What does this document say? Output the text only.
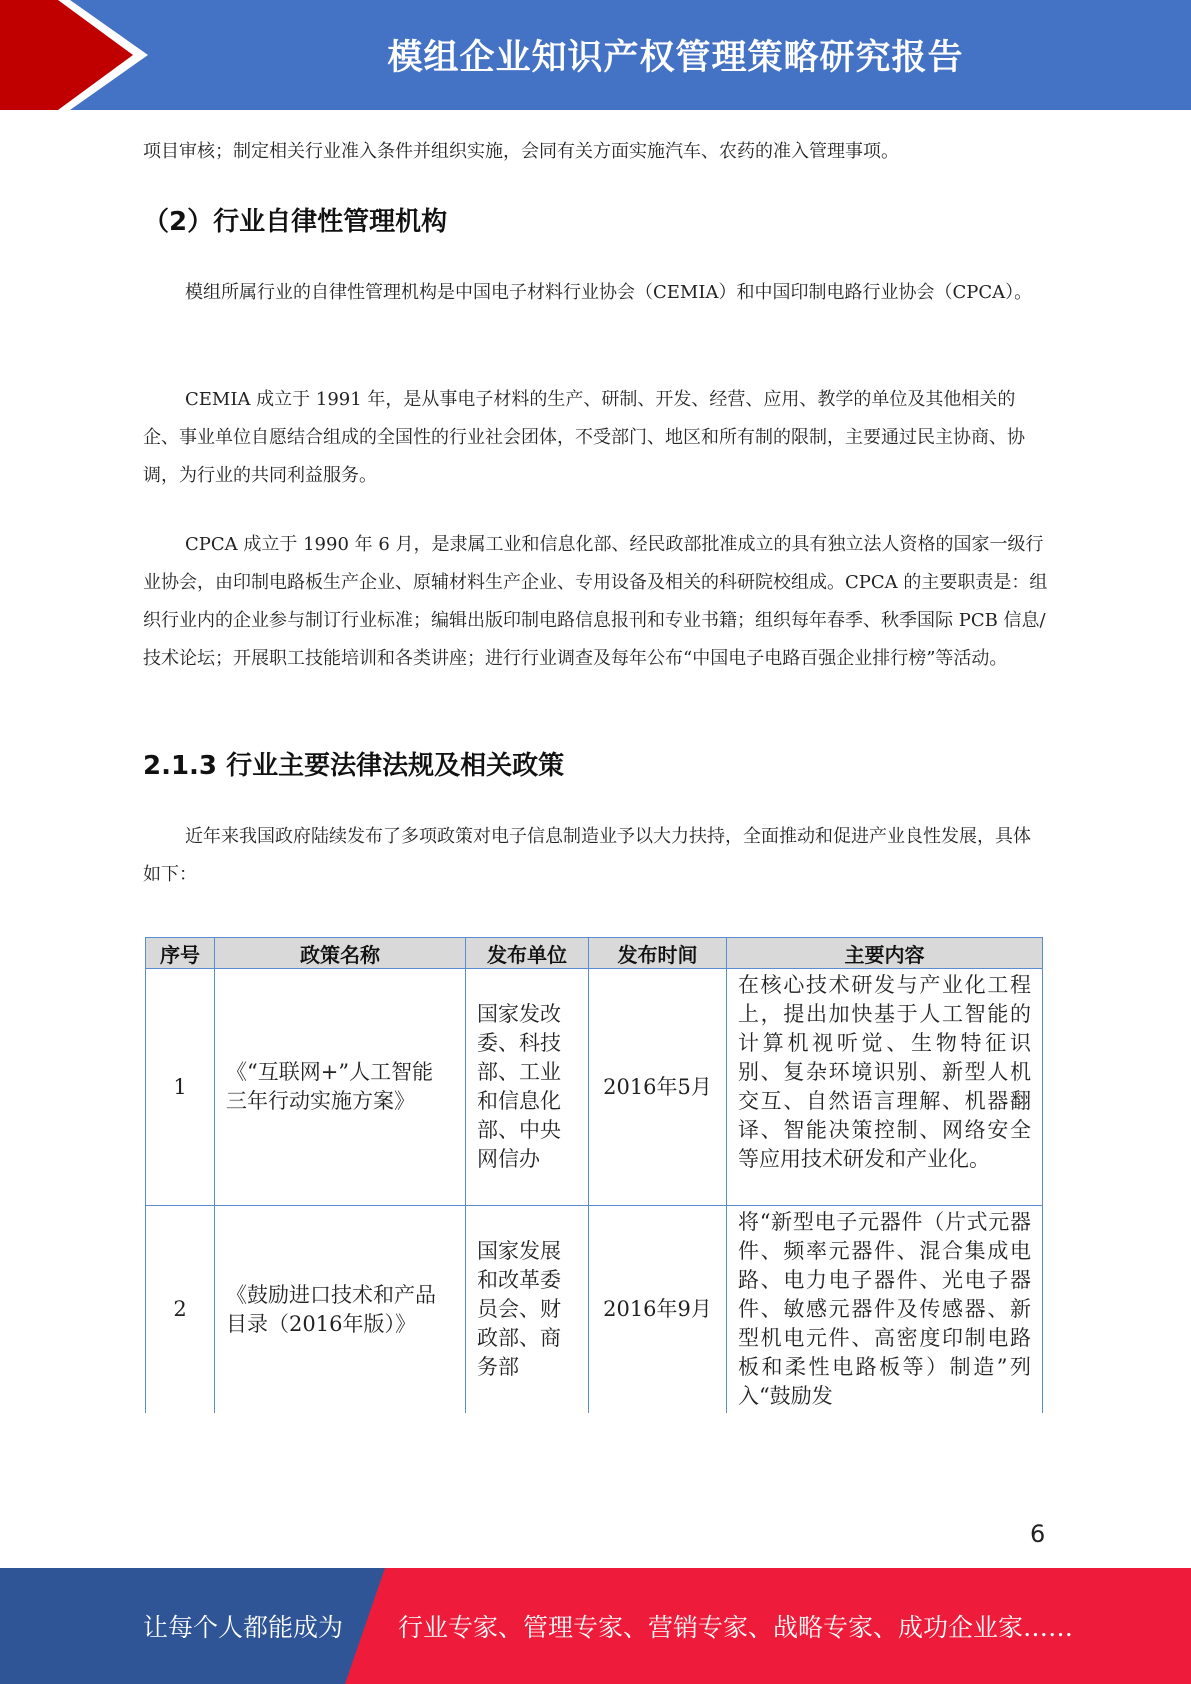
模组企业知识产权管理策略研究报告

项目审核；制定相关行业准入条件并组织实施，会同有关方面实施汽车、农药的准入管理事项。

（2）行业自律性管理机构

模组所属行业的自律性管理机构是中国电子材料行业协会（CEMIA）和中国印制电路行业协会（CPCA）。

CEMIA 成立于 1991 年，是从事电子材料的生产、研制、开发、经营、应用、教学的单位及其他相关的企、事业单位自愿结合组成的全国性的行业社会团体，不受部门、地区和所有制的限制，主要通过民主协商、协调，为行业的共同利益服务。

CPCA 成立于 1990 年 6 月，是隶属工业和信息化部、经民政部批准成立的具有独立法人资格的国家一级行业协会，由印制电路板生产企业、原辅材料生产企业、专用设备及相关的科研院校组成。CPCA 的主要职责是：组织行业内的企业参与制订行业标准；编辑出版印制电路信息报刊和专业书籍；组织每年春季、秋季国际 PCB 信息/技术论坛；开展职工技能培训和各类讲座；进行行业调查及每年公布“中国电子电路百强企业排行榜”等活动。

2.1.3 行业主要法律法规及相关政策

近年来我国政府陆续发布了多项政策对电子信息制造业予以大力扶持，全面推动和促进产业良性发展，具体如下：

序号	政策名称	发布单位	发布时间	主要内容
1	《“互联网+”人工智能三年行动实施方案》	国家发改委、科技部、工业和信息化部、中央网信办	2016年5月	在核心技术研发与产业化工程上，提出加快基于人工智能的计算机视听觉、生物特征识别、复杂环境识别、新型人机交互、自然语言理解、机器翻译、智能决策控制、网络安全等应用技术研发和产业化。
2	《鼓励进口技术和产品目录（2016年版）》	国家发展和改革委员会、财政部、商务部	2016年9月	将“新型电子元器件（片式元器件、频率元器件、混合集成电路、电力电子器件、光电子器件、敏感元器件及传感器、新型机电元件、高密度印制电路板和柔性电路板等）制造”列入“鼓励发
6
让每个人都能成为 行业专家、管理专家、营销专家、战略专家、成功企业家……
